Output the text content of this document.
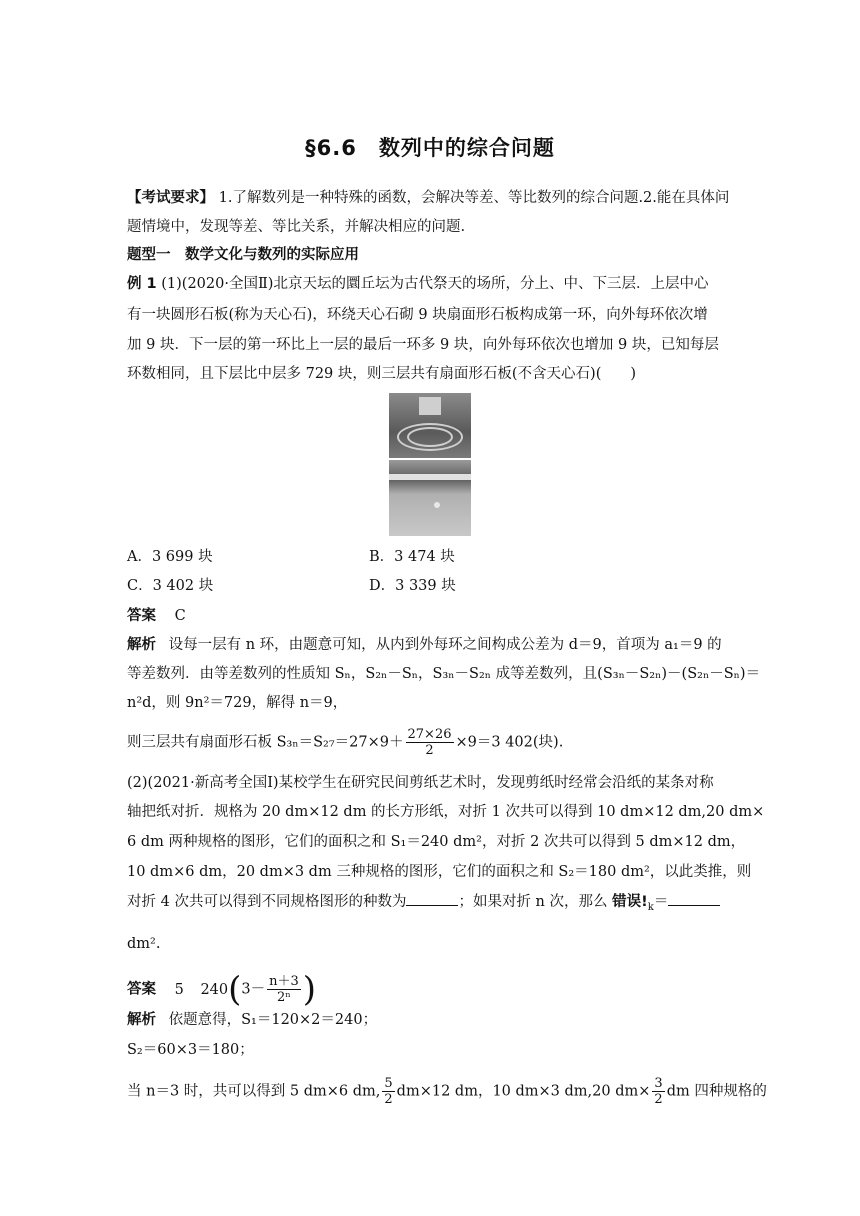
§6.6　数列中的综合问题
【考试要求】 1.了解数列是一种特殊的函数，会解决等差、等比数列的综合问题.2.能在具体问
题情境中，发现等差、等比关系，并解决相应的问题.
题型一　数学文化与数列的实际应用
例 1 (1)(2020·全国Ⅱ)北京天坛的圜丘坛为古代祭天的场所，分上、中、下三层．上层中心
有一块圆形石板(称为天心石)，环绕天心石砌 9 块扇面形石板构成第一环，向外每环依次增
加 9 块．下一层的第一环比上一层的最后一环多 9 块，向外每环依次也增加 9 块，已知每层
环数相同，且下层比中层多 729 块，则三层共有扇面形石板(不含天心石)(　　)
A．3 699 块	B．3 474 块
C．3 402 块	D．3 339 块
答案 C
解析 设每一层有 n 环，由题意可知，从内到外每环之间构成公差为 d＝9，首项为 a₁＝9 的
等差数列．由等差数列的性质知 Sₙ，S₂ₙ－Sₙ，S₃ₙ－S₂ₙ 成等差数列，且(S₃ₙ－S₂ₙ)－(S₂ₙ－Sₙ)＝
n²d，则 9n²＝729，解得 n＝9，
则三层共有扇面形石板 $S_{3n}=S_{27}=27\times 9+ \frac{27\times 26}{2} \times 9=3$ 402(块).
(2)(2021·新高考全国Ⅰ)某校学生在研究民间剪纸艺术时，发现剪纸时经常会沿纸的某条对称
轴把纸对折．规格为 20 dm×12 dm 的长方形纸，对折 1 次共可以得到 10 dm×12 dm,20 dm×
6 dm 两种规格的图形，它们的面积之和 S₁＝240 dm²，对折 2 次共可以得到 5 dm×12 dm，
10 dm×6 dm，20 dm×3 dm 三种规格的图形，它们的面积之和 S₂＝180 dm²，以此类推，则
对折 4 次共可以得到不同规格图形的种数为	；如果对折 n 次，那么 错误$!_k=$
dm².
答案 5 $240(3- \frac{n+3}{\text{2ⁿ}}$ )
解析 依题意得，S₁＝120×2＝240；
S₂＝60×3＝180；
当 n＝3 时，共可以得到 5 dm×6 dm, $\frac{5}{2} dm\times 12$ dm，10 dm×3 dm,20 $dm\times \frac{3}{2}$ dm 四种规格的
